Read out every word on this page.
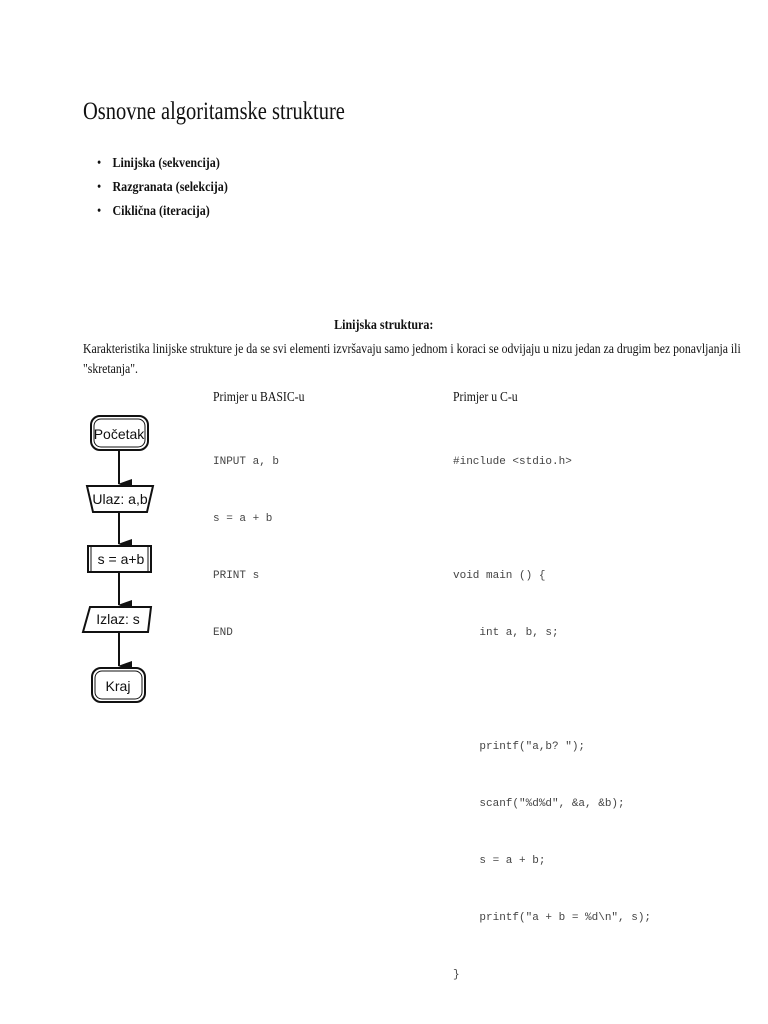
Osnovne algoritamske strukture
• Linijska (sekvencija)
• Razgranata (selekcija)
• Ciklična (iteracija)
Linijska struktura:

Karakteristika linijske strukture je da se svi elementi izvršavaju samo jednom i koraci se odvijaju u nizu jedan za drugim bez ponavljanja ili
"skretanja".

Početak
Ulaz: a,b
s = a+b
Izlaz: s
Kraj
Primjer u BASIC-u

INPUT a, b

s = a + b

PRINT s

END

Primjer u C-u

#include <stdio.h>

void main () {

int a, b, s;

printf("a,b? ");

scanf("%d%d", &a, &b);

s = a + b;

printf("a + b = %d\n", s);

}
